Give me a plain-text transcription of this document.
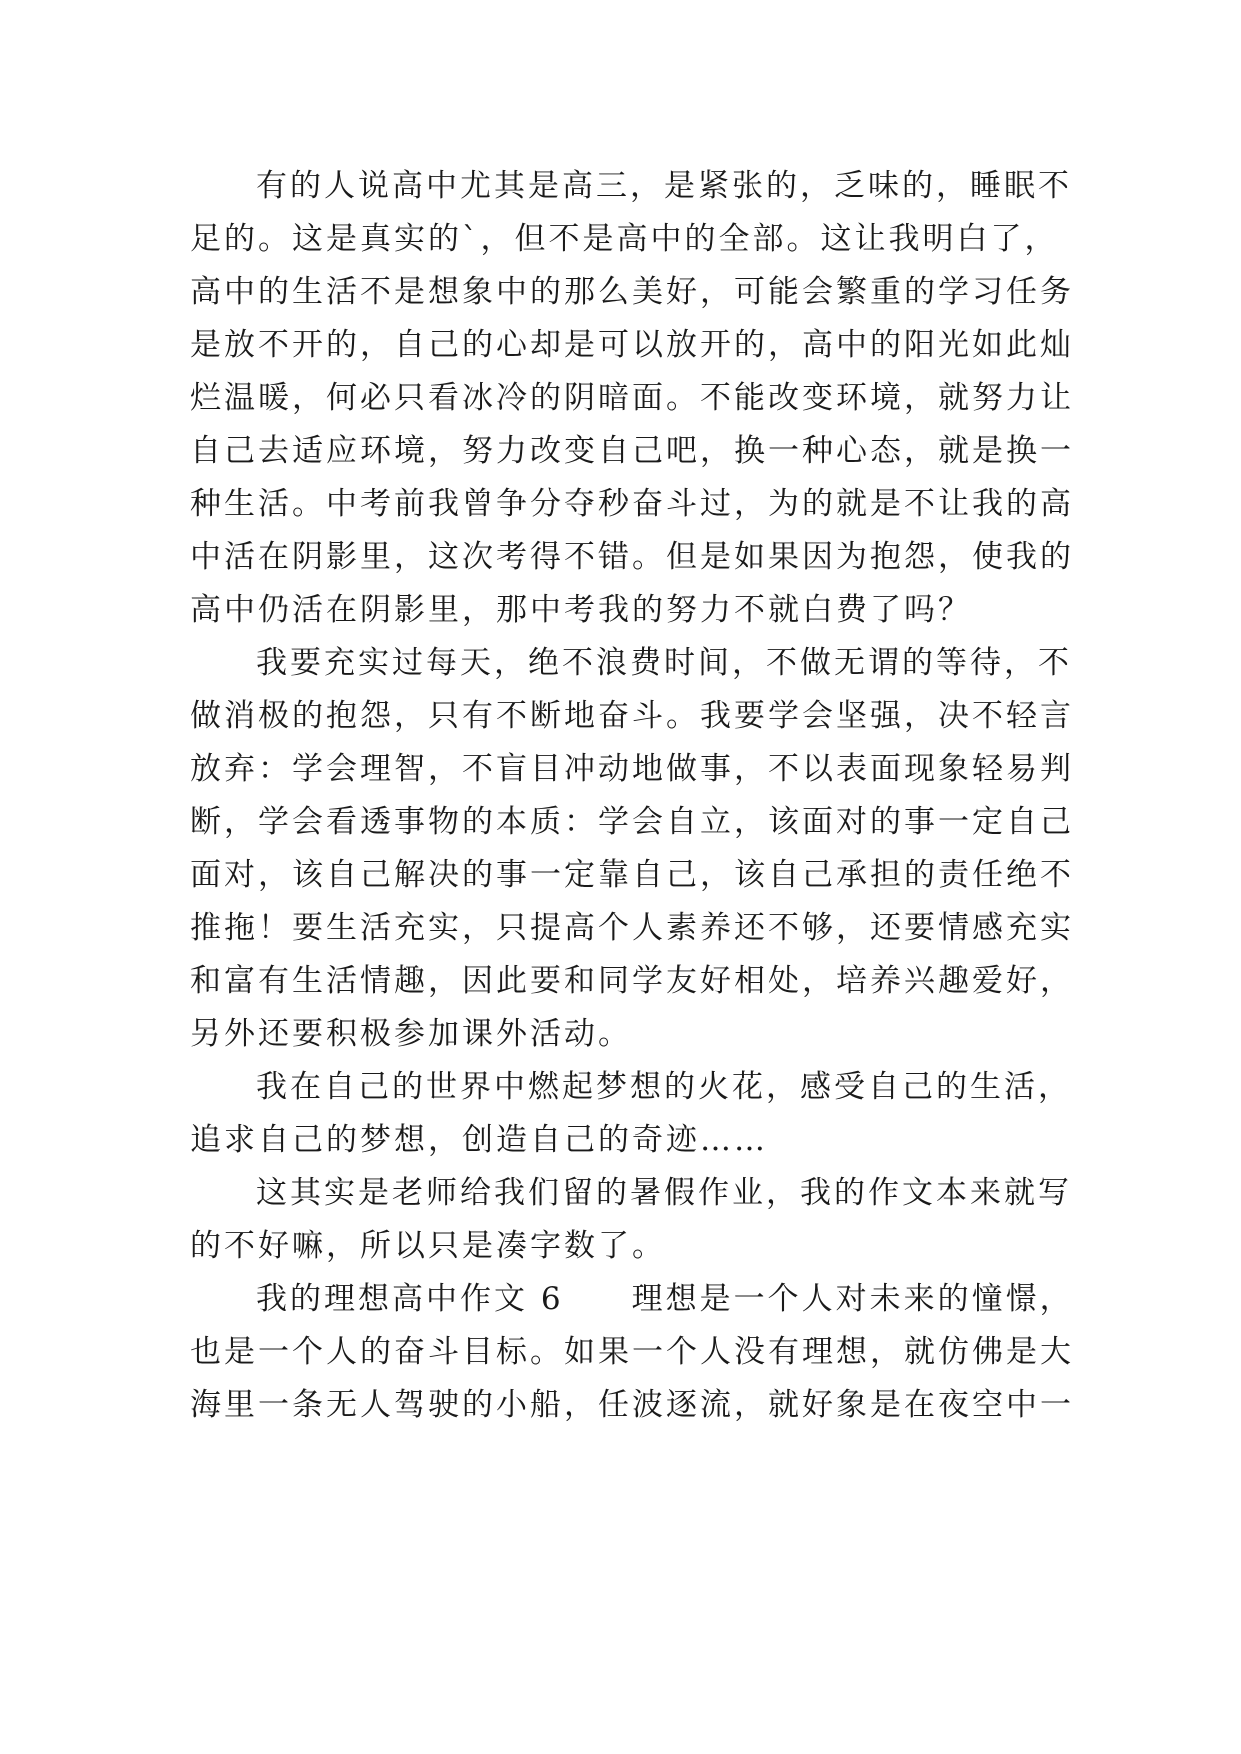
有的人说高中尤其是高三，是紧张的，乏味的，睡眠不
足的。这是真实的`，但不是高中的全部。这让我明白了，
高中的生活不是想象中的那么美好，可能会繁重的学习任务
是放不开的，自己的心却是可以放开的，高中的阳光如此灿
烂温暖，何必只看冰冷的阴暗面。不能改变环境，就努力让
自己去适应环境，努力改变自己吧，换一种心态，就是换一
种生活。中考前我曾争分夺秒奋斗过，为的就是不让我的高
中活在阴影里，这次考得不错。但是如果因为抱怨，使我的
高中仍活在阴影里，那中考我的努力不就白费了吗？
我要充实过每天，绝不浪费时间，不做无谓的等待，不
做消极的抱怨，只有不断地奋斗。我要学会坚强，决不轻言
放弃：学会理智，不盲目冲动地做事，不以表面现象轻易判
断，学会看透事物的本质：学会自立，该面对的事一定自己
面对，该自己解决的事一定靠自己，该自己承担的责任绝不
推拖！要生活充实，只提高个人素养还不够，还要情感充实
和富有生活情趣，因此要和同学友好相处，培养兴趣爱好，
另外还要积极参加课外活动。
我在自己的世界中燃起梦想的火花，感受自己的生活，
追求自己的梦想，创造自己的奇迹……
这其实是老师给我们留的暑假作业，我的作文本来就写
的不好嘛，所以只是凑字数了。
我的理想高中作文 6　　理想是一个人对未来的憧憬，
也是一个人的奋斗目标。如果一个人没有理想，就仿佛是大
海里一条无人驾驶的小船，任波逐流，就好象是在夜空中一
